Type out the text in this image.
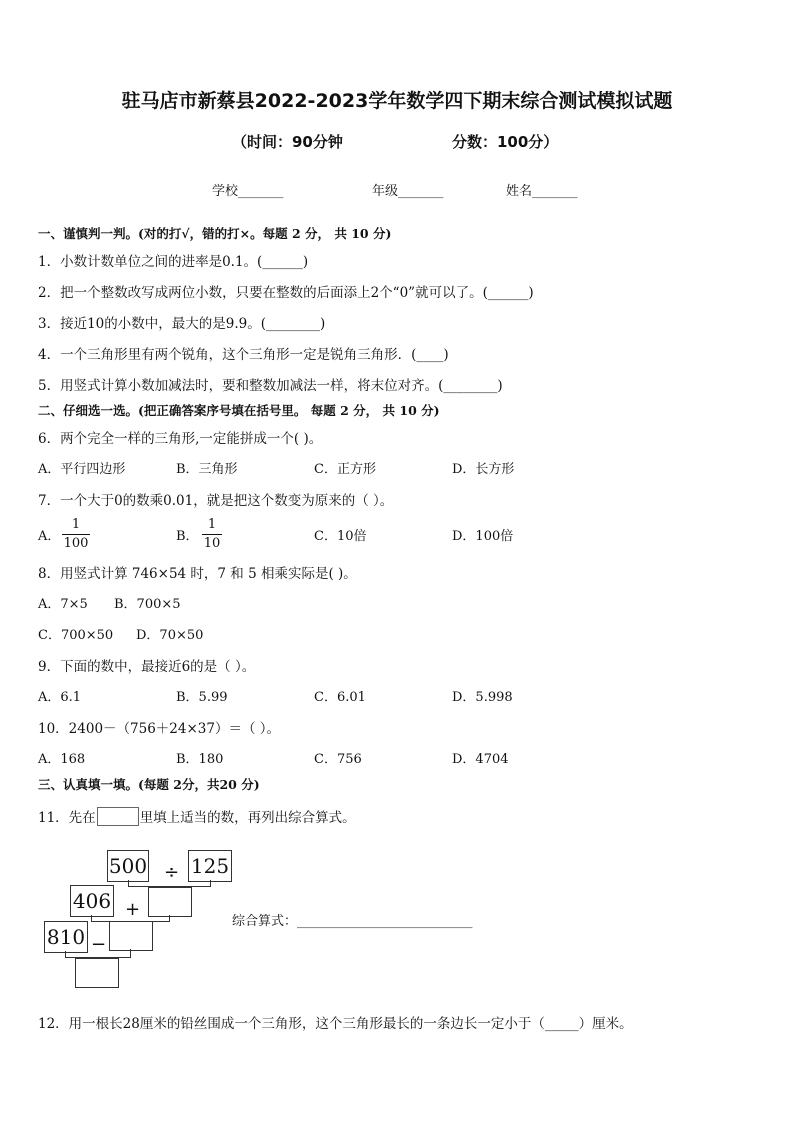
驻马店市新蔡县2022-2023学年数学四下期末综合测试模拟试题
（时间：90分钟	分数：100分）
学校_______	年级_______	姓名_______
一、谨慎判一判。(对的打√，错的打×。每题 2 分， 共 10 分)
1．小数计数单位之间的进率是0.1。(______)
2．把一个整数改写成两位小数，只要在整数的后面添上2个“0”就可以了。(______)
3．接近10的小数中，最大的是9.9。(________)
4．一个三角形里有两个锐角，这个三角形一定是锐角三角形．(____)
5．用竖式计算小数加减法时，要和整数加减法一样，将末位对齐。(________)
二、仔细选一选。(把正确答案序号填在括号里。 每题 2 分， 共 10 分)
6．两个完全一样的三角形,一定能拼成一个( )。
A．平行四边形	B．三角形	C．正方形	D．长方形
7．一个大于0的数乘0.01，就是把这个数变为原来的（ ）。
A．
1
100	B．
1
10	C．10倍	D．100倍
8．用竖式计算 746×54 时，7 和 5 相乘实际是( )。
A．7×5 B．700×5
C．700×50 D．70×50
9．下面的数中，最接近6的是（ ）。
A．6.1	B．5.99	C．6.01	D．5.998
10．2400－（756＋24×37）＝（ ）。
A．168	B．180	C．756	D．4704
三、认真填一填。(每题 2分，共20 分)
11．先在	里填上适当的数，再列出综合算式。
500 ÷ 125
406 +
810 −
综合算式：___________________________
12．用一根长28厘米的铅丝围成一个三角形，这个三角形最长的一条边长一定小于（_____）厘米。
